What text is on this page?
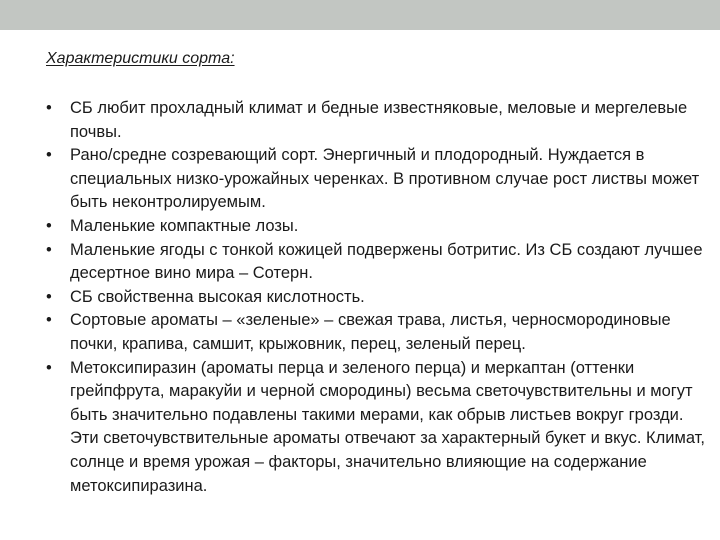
Характеристики сорта:
• СБ любит прохладный климат и бедные известняковые, меловые и мергелевые почвы.
• Рано/средне созревающий сорт. Энергичный и плодородный. Нуждается в специальных низко-урожайных черенках. В противном случае рост листвы может быть неконтролируемым.
• Маленькие компактные лозы.
• Маленькие ягоды с тонкой кожицей подвержены ботритис. Из СБ создают лучшее десертное вино мира – Сотерн.
• СБ свойственна высокая кислотность.
• Сортовые ароматы – «зеленые» – свежая трава, листья, черносмородиновые почки, крапива, самшит, крыжовник, перец, зеленый перец.
• Метоксипиразин (ароматы перца и зеленого перца) и меркаптан (оттенки грейпфрута, маракуйи и черной смородины) весьма светочувствительны и могут быть значительно подавлены такими мерами, как обрыв листьев вокруг грозди. Эти светочувствительные ароматы отвечают за характерный букет и вкус. Климат, солнце и время урожая – факторы, значительно влияющие на содержание метоксипиразина.
